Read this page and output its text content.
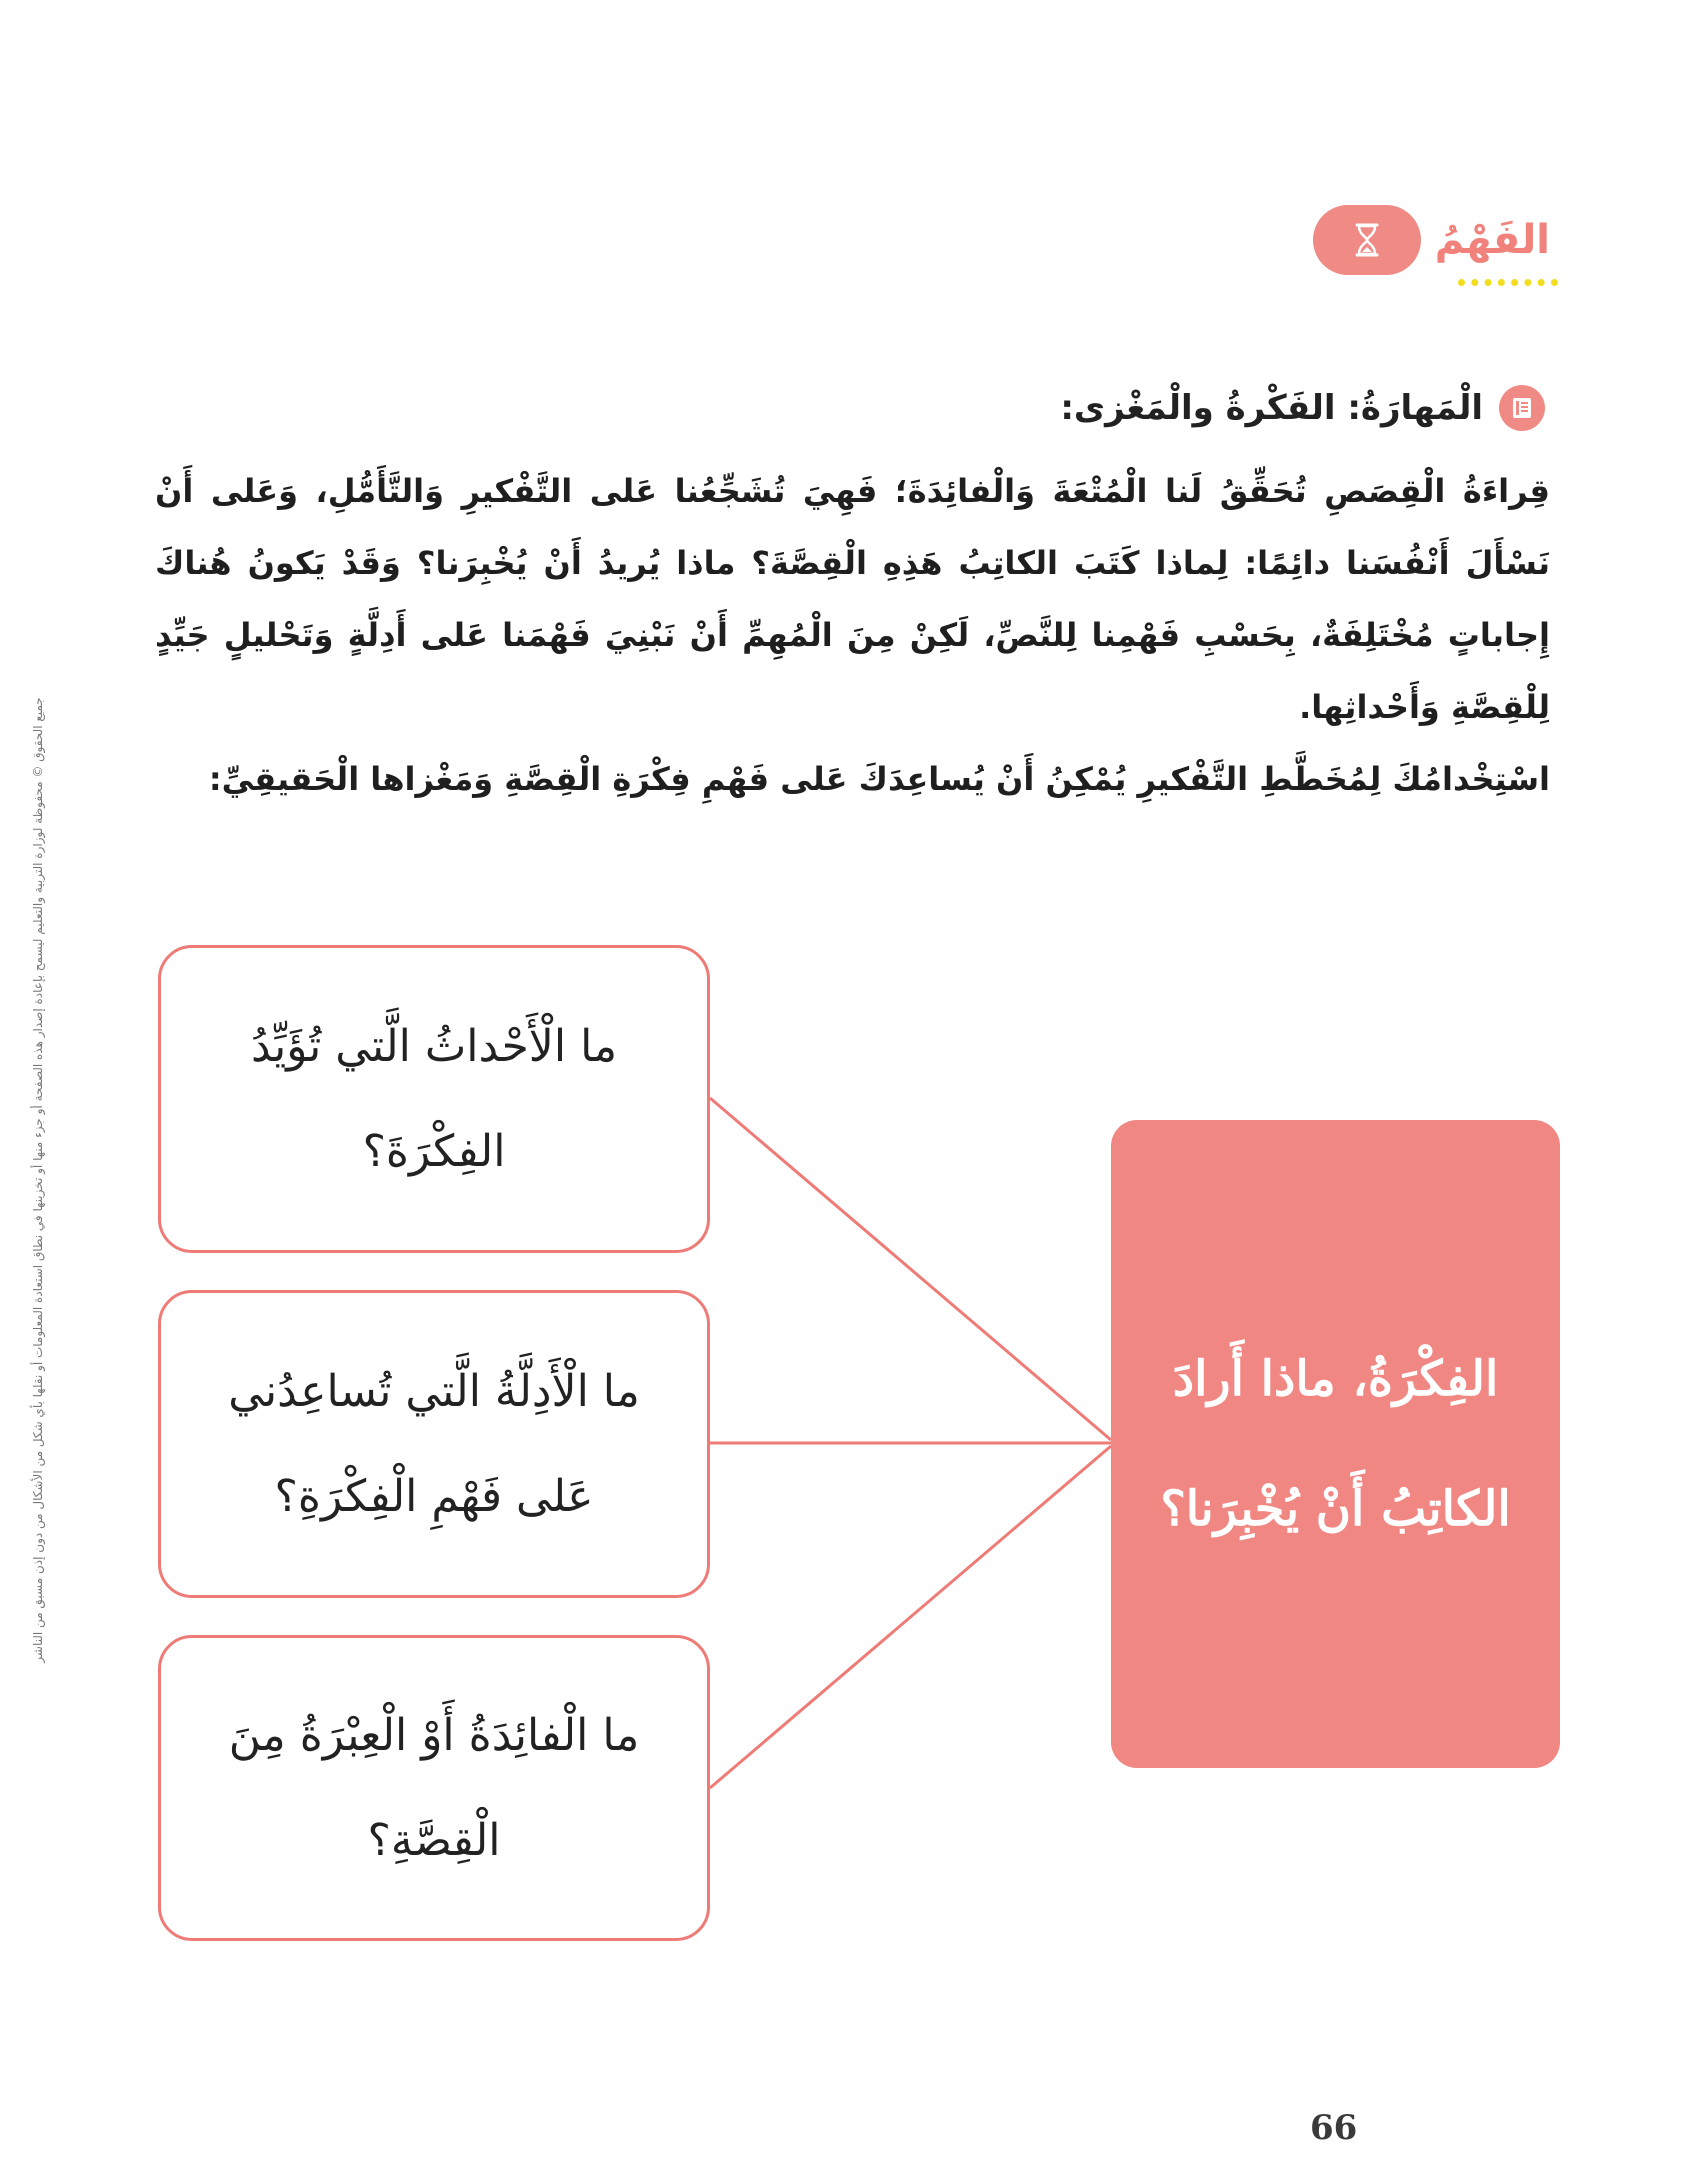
الفَهْمُ
الْمَهارَةُ: الفَكْرةُ والْمَغْزى:

قِراءَةُ الْقِصَصِ تُحَقِّقُ لَنا الْمُتْعَةَ وَالْفائِدَةَ؛ فَهِيَ تُشَجِّعُنا عَلى التَّفْكيرِ وَالتَّأَمُّلِ، وَعَلى أَنْ نَسْأَلَ أَنْفُسَنا دائِمًا: لِماذا كَتَبَ الكاتِبُ هَذِهِ الْقِصَّةَ؟ ماذا يُريدُ أَنْ يُخْبِرَنا؟ وَقَدْ يَكونُ هُناكَ إِجاباتٍ مُخْتَلِفَةٌ، بِحَسْبِ فَهْمِنا لِلنَّصِّ، لَكِنْ مِنَ الْمُهِمِّ أَنْ نَبْنِيَ فَهْمَنا عَلى أَدِلَّةٍ وَتَحْليلٍ جَيِّدٍ لِلْقِصَّةِ وَأَحْداثِها.

اسْتِخْدامُكَ لِمُخَطَّطِ التَّفْكيرِ يُمْكِنُ أَنْ يُساعِدَكَ عَلى فَهْمِ فِكْرَةِ الْقِصَّةِ وَمَغْزاها الْحَقيقِيِّ:

جميع الحقوق © محفوظة لوزارة التربية والتعليم ليسمح بإعادة إصدار هذه الصفحة أو جزء منها أو تخزينها في نطاق استعادة المعلومات أو نقلها بأي شكل من الأشكال من دون إذن مسبق من الناشر	ما الْأَحْداثُ الَّتي تُؤَيِّدُ الفِكْرَةَ؟
ما الْأَدِلَّةُ الَّتي تُساعِدُني عَلى فَهْمِ الْفِكْرَةِ؟
ما الْفائِدَةُ أَوْ الْعِبْرَةُ مِنَ الْقِصَّةِ؟
الفِكْرَةُ، ماذا أَرادَ الكاتِبُ أَنْ يُخْبِرَنا؟
66
